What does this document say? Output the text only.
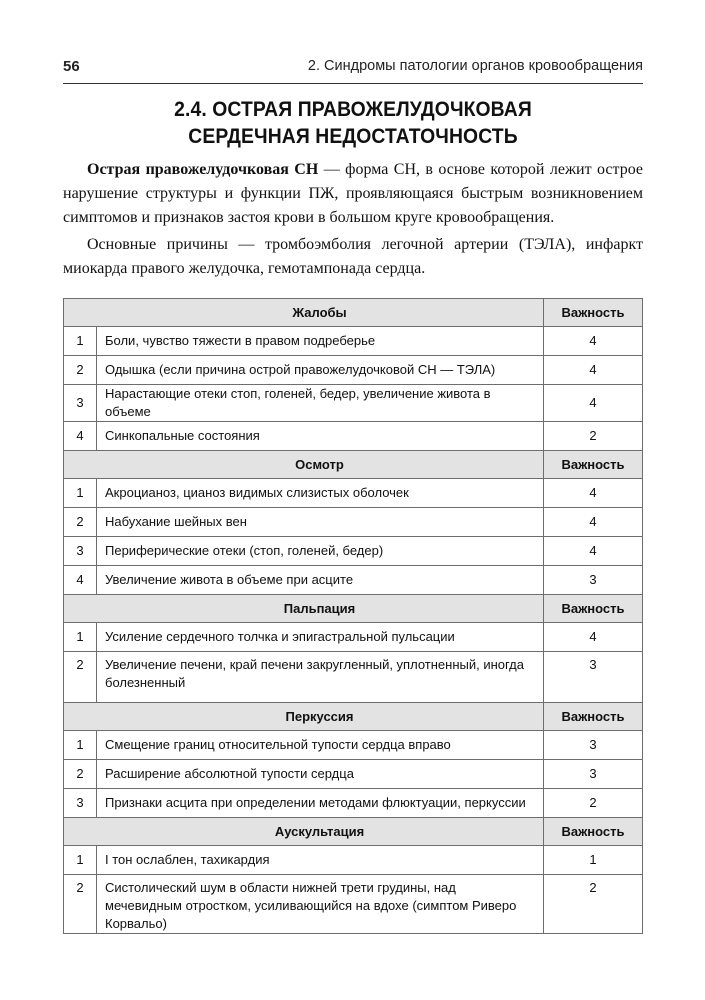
56	2. Синдромы патологии органов кровообращения
2.4. ОСТРАЯ ПРАВОЖЕЛУДОЧКОВАЯ
СЕРДЕЧНАЯ НЕДОСТАТОЧНОСТЬ

Острая правожелудочковая СН — форма СН, в основе которой лежит острое нарушение структуры и функции ПЖ, проявляющаяся быстрым возникновением симптомов и признаков застоя крови в большом круге кровообращения.

Основные причины — тромбоэмболия легочной артерии (ТЭЛА), инфаркт миокарда правого желудочка, гемотампонада сердца.

Жалобы		Важность
1	Боли, чувство тяжести в правом подреберье	4
2	Одышка (если причина острой правожелудочковой СН — ТЭЛА)	4
3	Нарастающие отеки стоп, голеней, бедер, увеличение живота в объеме	4
4	Синкопальные состояния	2
Осмотр		Важность
1	Акроцианоз, цианоз видимых слизистых оболочек	4
2	Набухание шейных вен	4
3	Периферические отеки (стоп, голеней, бедер)	4
4	Увеличение живота в объеме при асците	3
Пальпация		Важность
1	Усиление сердечного толчка и эпигастральной пульсации	4
2	Увеличение печени, край печени закругленный, уплотненный, иногда болезненный	3
Перкуссия		Важность
1	Смещение границ относительной тупости сердца вправо	3
2	Расширение абсолютной тупости сердца	3
3	Признаки асцита при определении методами флюктуации, перкуссии	2
Аускультация		Важность
1	I тон ослаблен, тахикардия	1
2	Систолический шум в области нижней трети грудины, над мечевидным отростком, усиливающийся на вдохе (симптом Риверо Корвальо)	2
